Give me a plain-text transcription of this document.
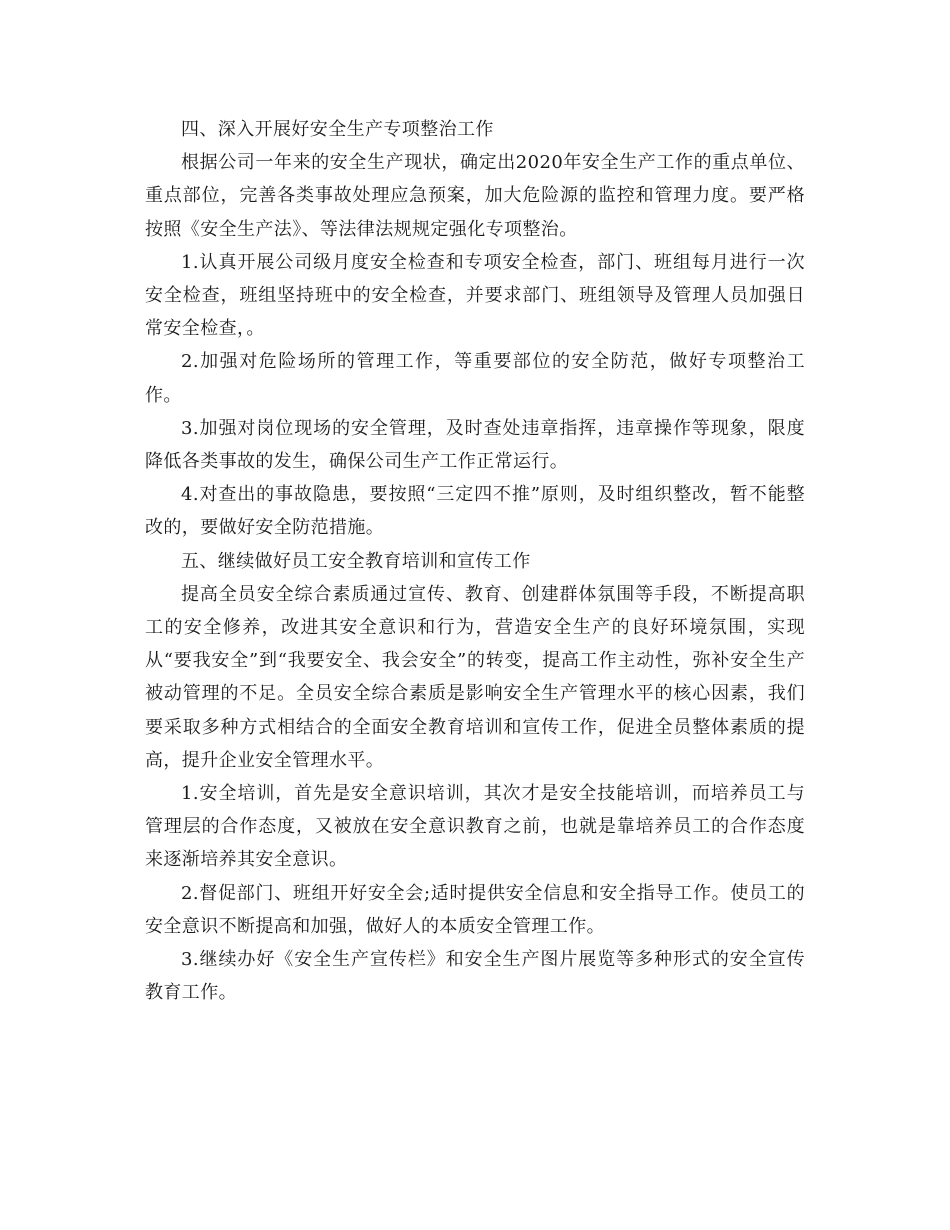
四、深入开展好安全生产专项整治工作

根据公司一年来的安全生产现状，确定出2020年安全生产工作的重点单位、重点部位，完善各类事故处理应急预案，加大危险源的监控和管理力度。要严格按照《安全生产法》、等法律法规规定强化专项整治。

1.认真开展公司级月度安全检查和专项安全检查，部门、班组每月进行一次安全检查，班组坚持班中的安全检查，并要求部门、班组领导及管理人员加强日常安全检查，。

2.加强对危险场所的管理工作，等重要部位的安全防范，做好专项整治工作。

3.加强对岗位现场的安全管理，及时查处违章指挥，违章操作等现象，限度降低各类事故的发生，确保公司生产工作正常运行。

4.对查出的事故隐患，要按照“三定四不推”原则，及时组织整改，暂不能整改的，要做好安全防范措施。

五、继续做好员工安全教育培训和宣传工作

提高全员安全综合素质通过宣传、教育、创建群体氛围等手段，不断提高职工的安全修养，改进其安全意识和行为，营造安全生产的良好环境氛围，实现从“要我安全”到“我要安全、我会安全”的转变，提高工作主动性，弥补安全生产被动管理的不足。全员安全综合素质是影响安全生产管理水平的核心因素，我们要采取多种方式相结合的全面安全教育培训和宣传工作，促进全员整体素质的提高，提升企业安全管理水平。

1.安全培训，首先是安全意识培训，其次才是安全技能培训，而培养员工与管理层的合作态度，又被放在安全意识教育之前，也就是靠培养员工的合作态度来逐渐培养其安全意识。

2.督促部门、班组开好安全会;适时提供安全信息和安全指导工作。使员工的安全意识不断提高和加强，做好人的本质安全管理工作。

3.继续办好《安全生产宣传栏》和安全生产图片展览等多种形式的安全宣传教育工作。
